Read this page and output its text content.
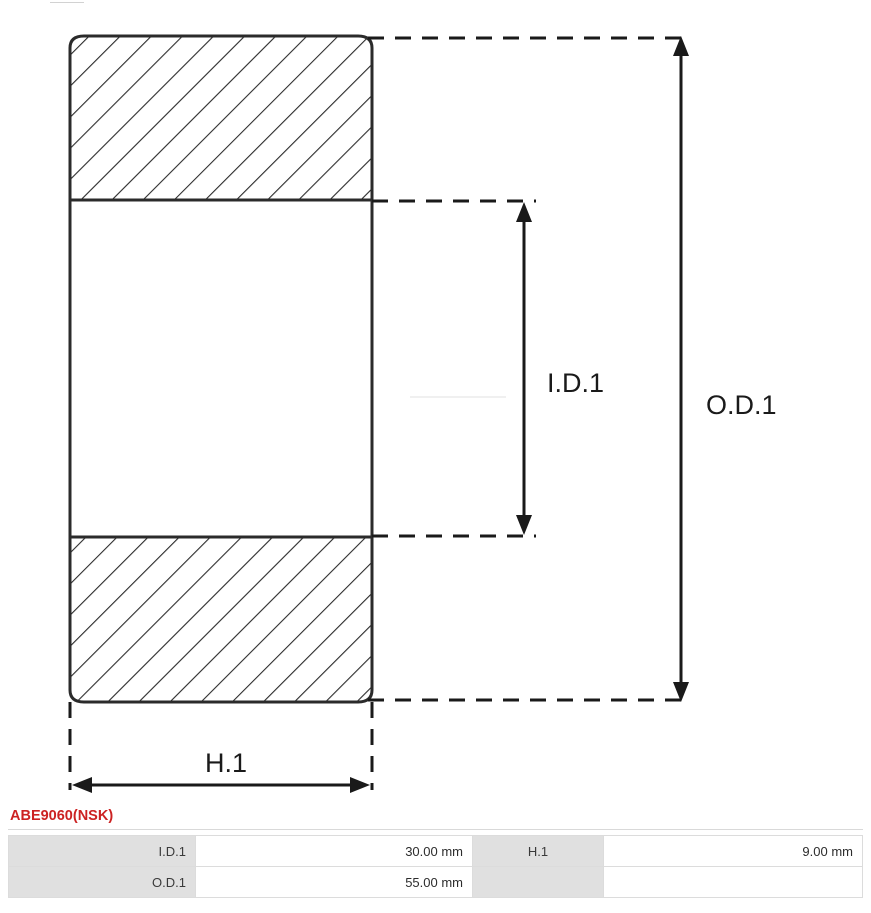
I.D.1
O.D.1
H.1
ABE9060(NSK)
I.D.1	30.00 mm	H.1	9.00 mm
O.D.1	55.00 mm		
